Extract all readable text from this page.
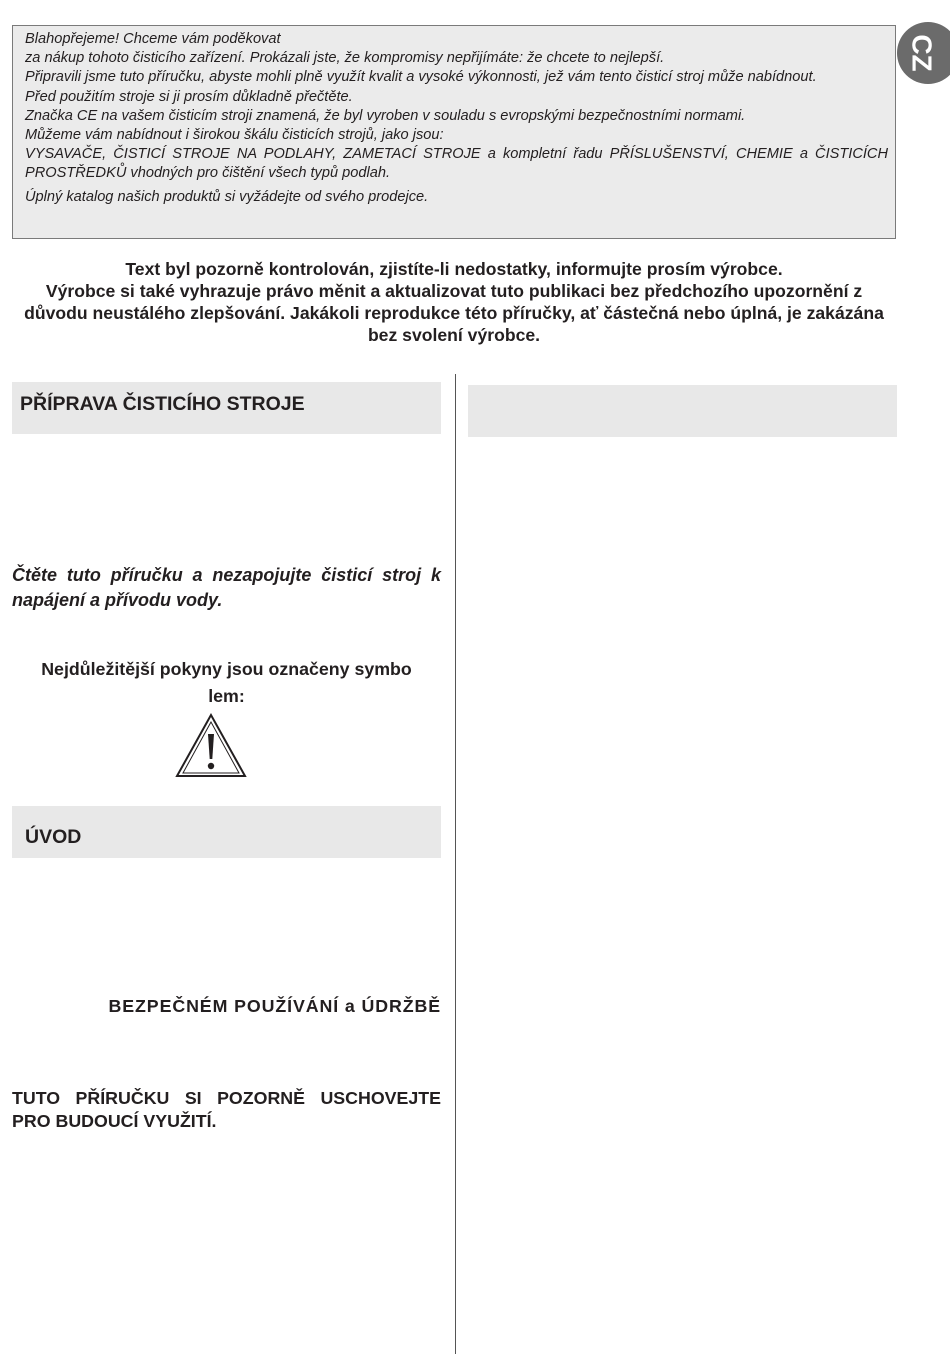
Blahopřejeme! Chceme vám poděkovat

za nákup tohoto čisticího zařízení. Prokázali jste, že kompromisy nepřijímáte: že chcete to nejlepší.

Připravili jsme tuto příručku, abyste mohli plně využít kvalit a vysoké výkonnosti, jež vám tento čisticí stroj může nabídnout.

Před použitím stroje si ji prosím důkladně přečtěte.

Značka CE na vašem čisticím stroji znamená, že byl vyroben v souladu s evropskými bezpečnostními normami.

Můžeme vám nabídnout i širokou škálu čisticích strojů, jako jsou:

VYSAVAČE, ČISTICÍ STROJE NA PODLAHY, ZAMETACÍ STROJE a kompletní řadu PŘÍSLUŠENSTVÍ, CHEMIE a ČISTICÍCH PROSTŘEDKŮ vhodných pro čištění všech typů podlah.

Úplný katalog našich produktů si vyžádejte od svého prodejce.

CZ

Text byl pozorně kontrolován, zjistíte-li nedostatky, informujte prosím výrobce.

Výrobce si také vyhrazuje právo měnit a aktualizovat tuto publikaci bez předchozího upozornění z důvodu neustálého zlepšování. Jakákoli reprodukce této příručky, ať částečná nebo úplná, je zakázána bez svolení výrobce.

PŘÍPRAVA ČISTICÍHO STROJE
Čtěte tuto příručku a nezapojujte čisticí stroj k napájení a přívodu vody.
Nejdůležitější pokyny jsou označeny symbo
lem:
ÚVOD
BEZPEČNÉM POUŽÍVÁNÍ a ÚDRŽBĚ
TUTO PŘÍRUČKU SI POZORNĚ USCHOVEJTE PRO BUDOUCÍ VYUŽITÍ.
